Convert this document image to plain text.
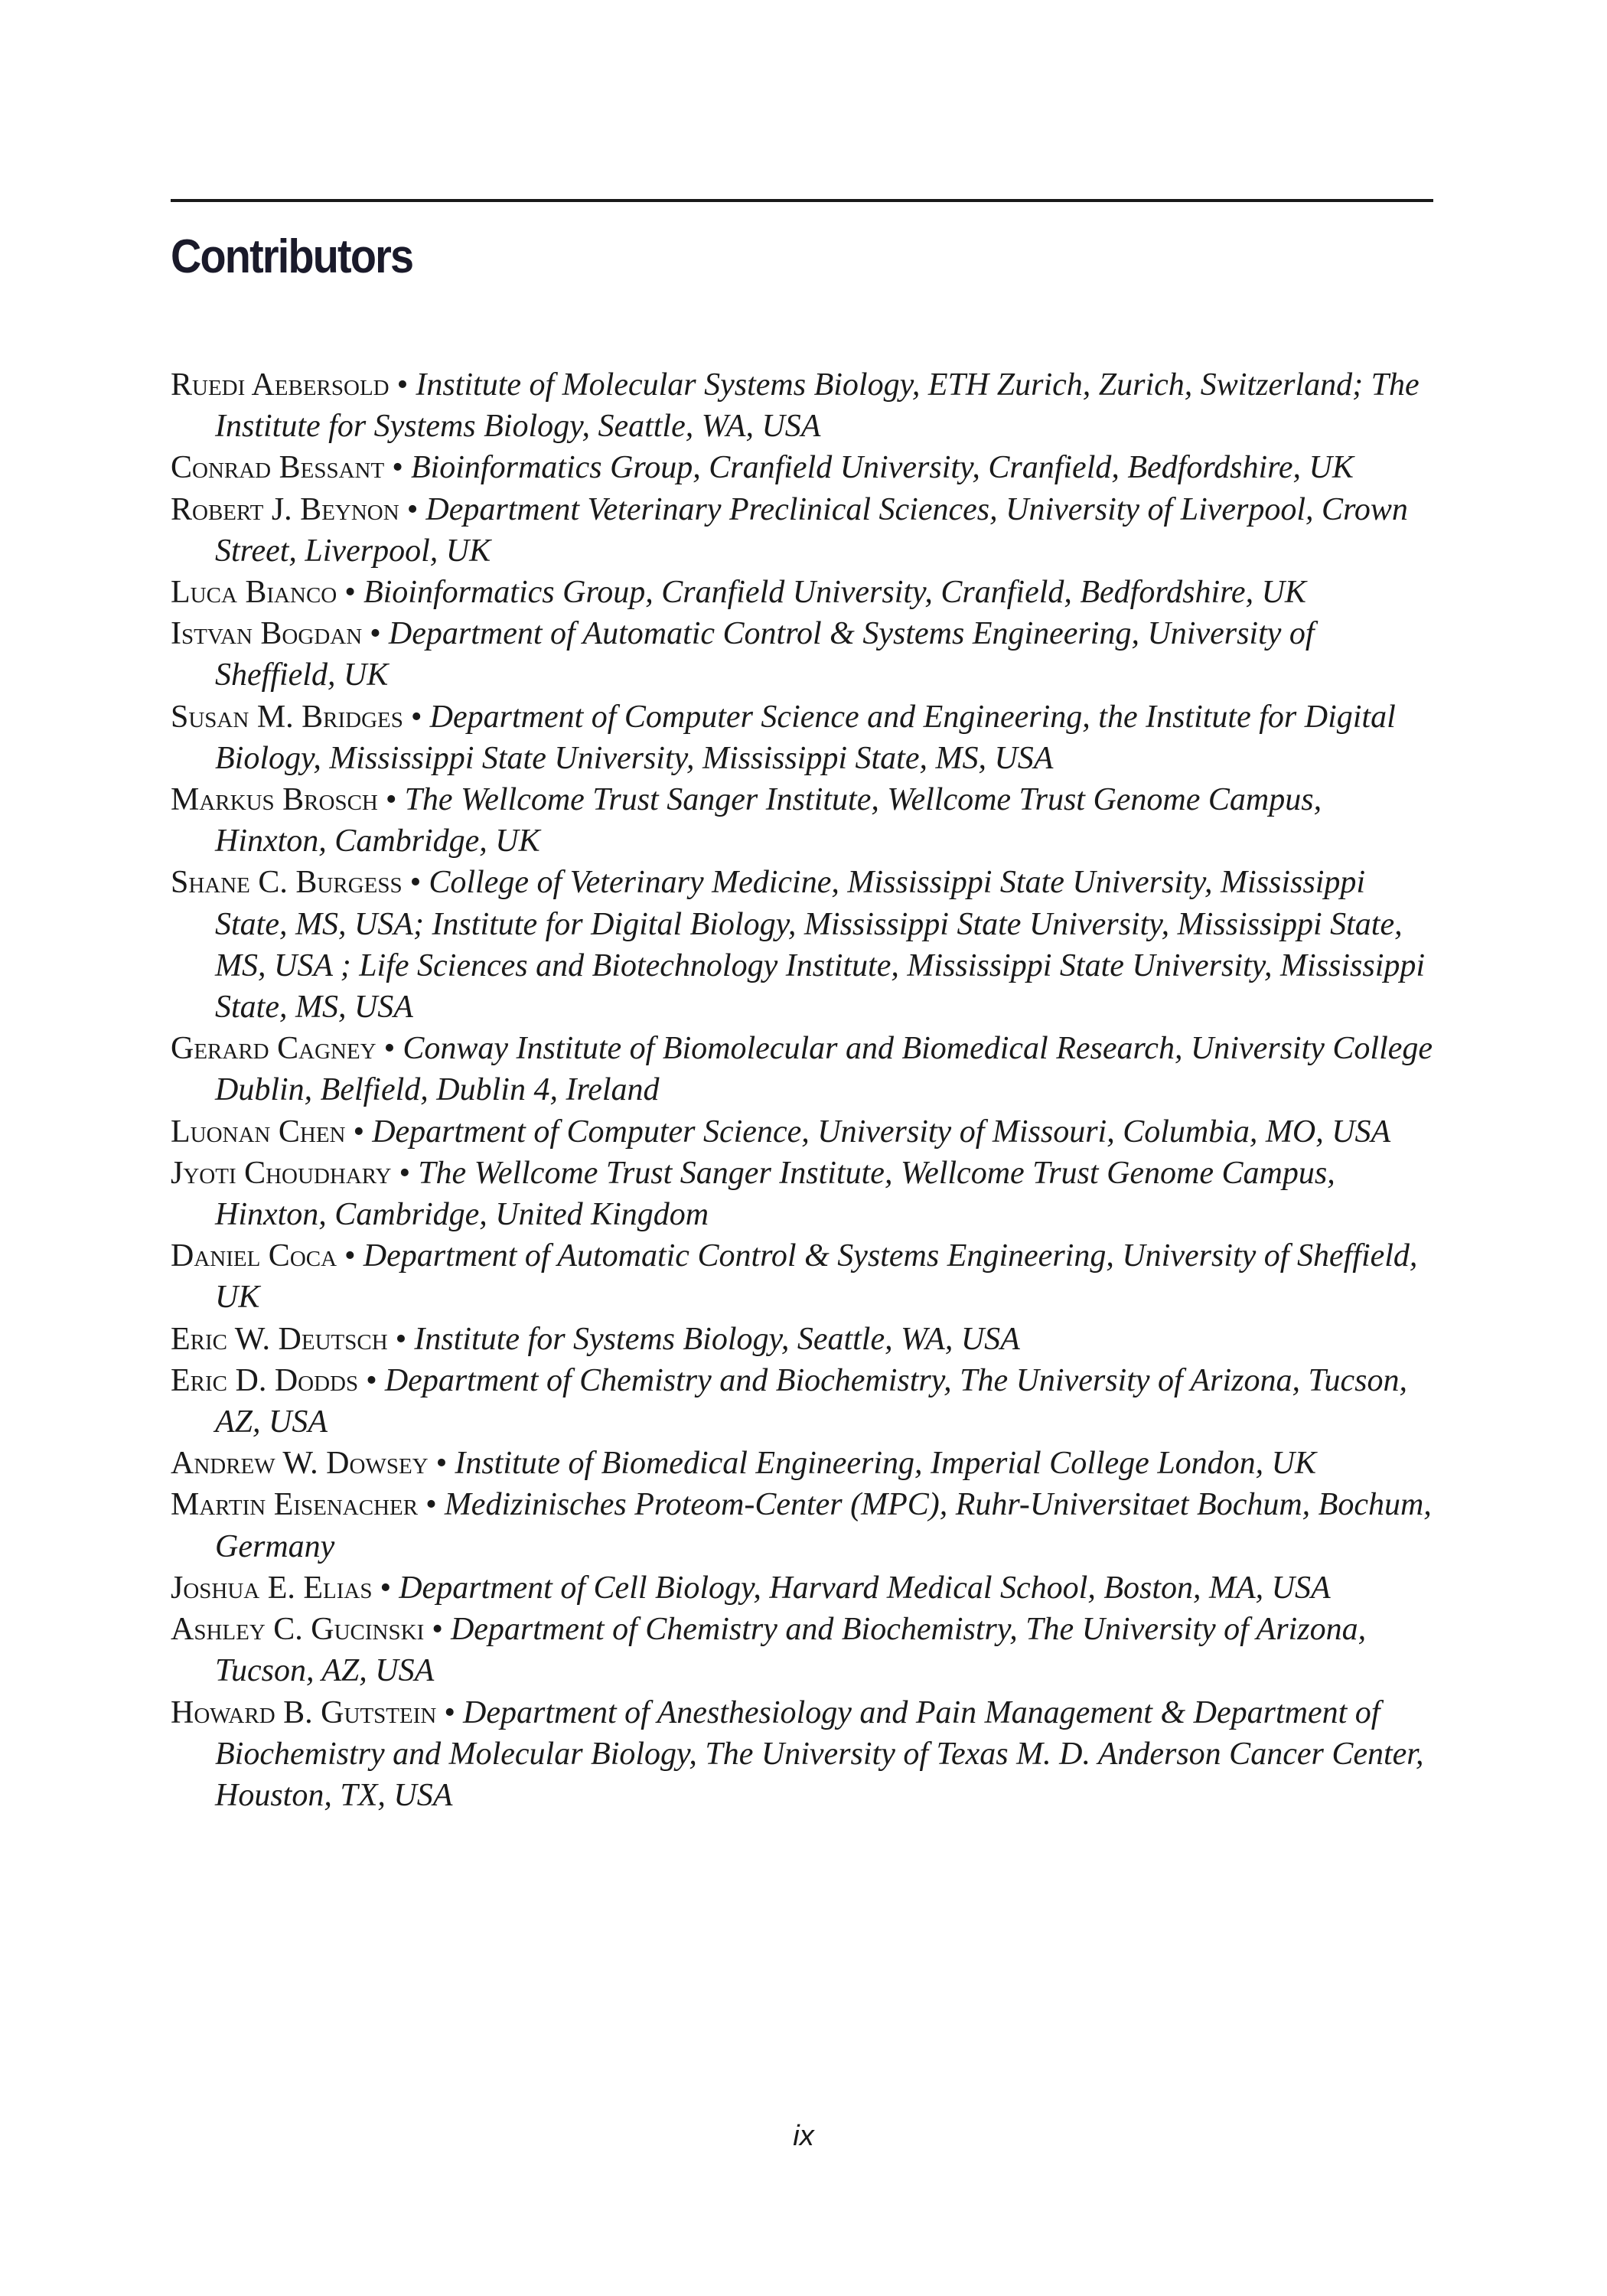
Contributors

Ruedi Aebersold • Institute of Molecular Systems Biology, ETH Zurich, Zurich, Switzerland; The Institute for Systems Biology, Seattle, WA, USA

Conrad Bessant • Bioinformatics Group, Cranfield University, Cranfield, Bedfordshire, UK

Robert J. Beynon • Department Veterinary Preclinical Sciences, University of Liverpool, Crown Street, Liverpool, UK

Luca Bianco • Bioinformatics Group, Cranfield University, Cranfield, Bedfordshire, UK

Istvan Bogdan • Department of Automatic Control & Systems Engineering, University of Sheffield, UK

Susan M. Bridges • Department of Computer Science and Engineering, the Institute for Digital Biology, Mississippi State University, Mississippi State, MS, USA

Markus Brosch • The Wellcome Trust Sanger Institute, Wellcome Trust Genome Campus, Hinxton, Cambridge, UK

Shane C. Burgess • College of Veterinary Medicine, Mississippi State University, Mississippi State, MS, USA; Institute for Digital Biology, Mississippi State University, Mississippi State, MS, USA ; Life Sciences and Biotechnology Institute, Mississippi State University, Mississippi State, MS, USA

Gerard Cagney • Conway Institute of Biomolecular and Biomedical Research, University College Dublin, Belfield, Dublin 4, Ireland

Luonan Chen • Department of Computer Science, University of Missouri, Columbia, MO, USA

Jyoti Choudhary • The Wellcome Trust Sanger Institute, Wellcome Trust Genome Campus, Hinxton, Cambridge, United Kingdom

Daniel Coca • Department of Automatic Control & Systems Engineering, University of Sheffield, UK

Eric W. Deutsch • Institute for Systems Biology, Seattle, WA, USA

Eric D. Dodds • Department of Chemistry and Biochemistry, The University of Arizona, Tucson, AZ, USA

Andrew W. Dowsey • Institute of Biomedical Engineering, Imperial College London, UK

Martin Eisenacher • Medizinisches Proteom-Center (MPC), Ruhr-Universitaet Bochum, Bochum, Germany

Joshua E. Elias • Department of Cell Biology, Harvard Medical School, Boston, MA, USA

Ashley C. Gucinski • Department of Chemistry and Biochemistry, The University of Arizona, Tucson, AZ, USA

Howard B. Gutstein • Department of Anesthesiology and Pain Management & Department of Biochemistry and Molecular Biology, The University of Texas M. D. Anderson Cancer Center, Houston, TX, USA

ix
